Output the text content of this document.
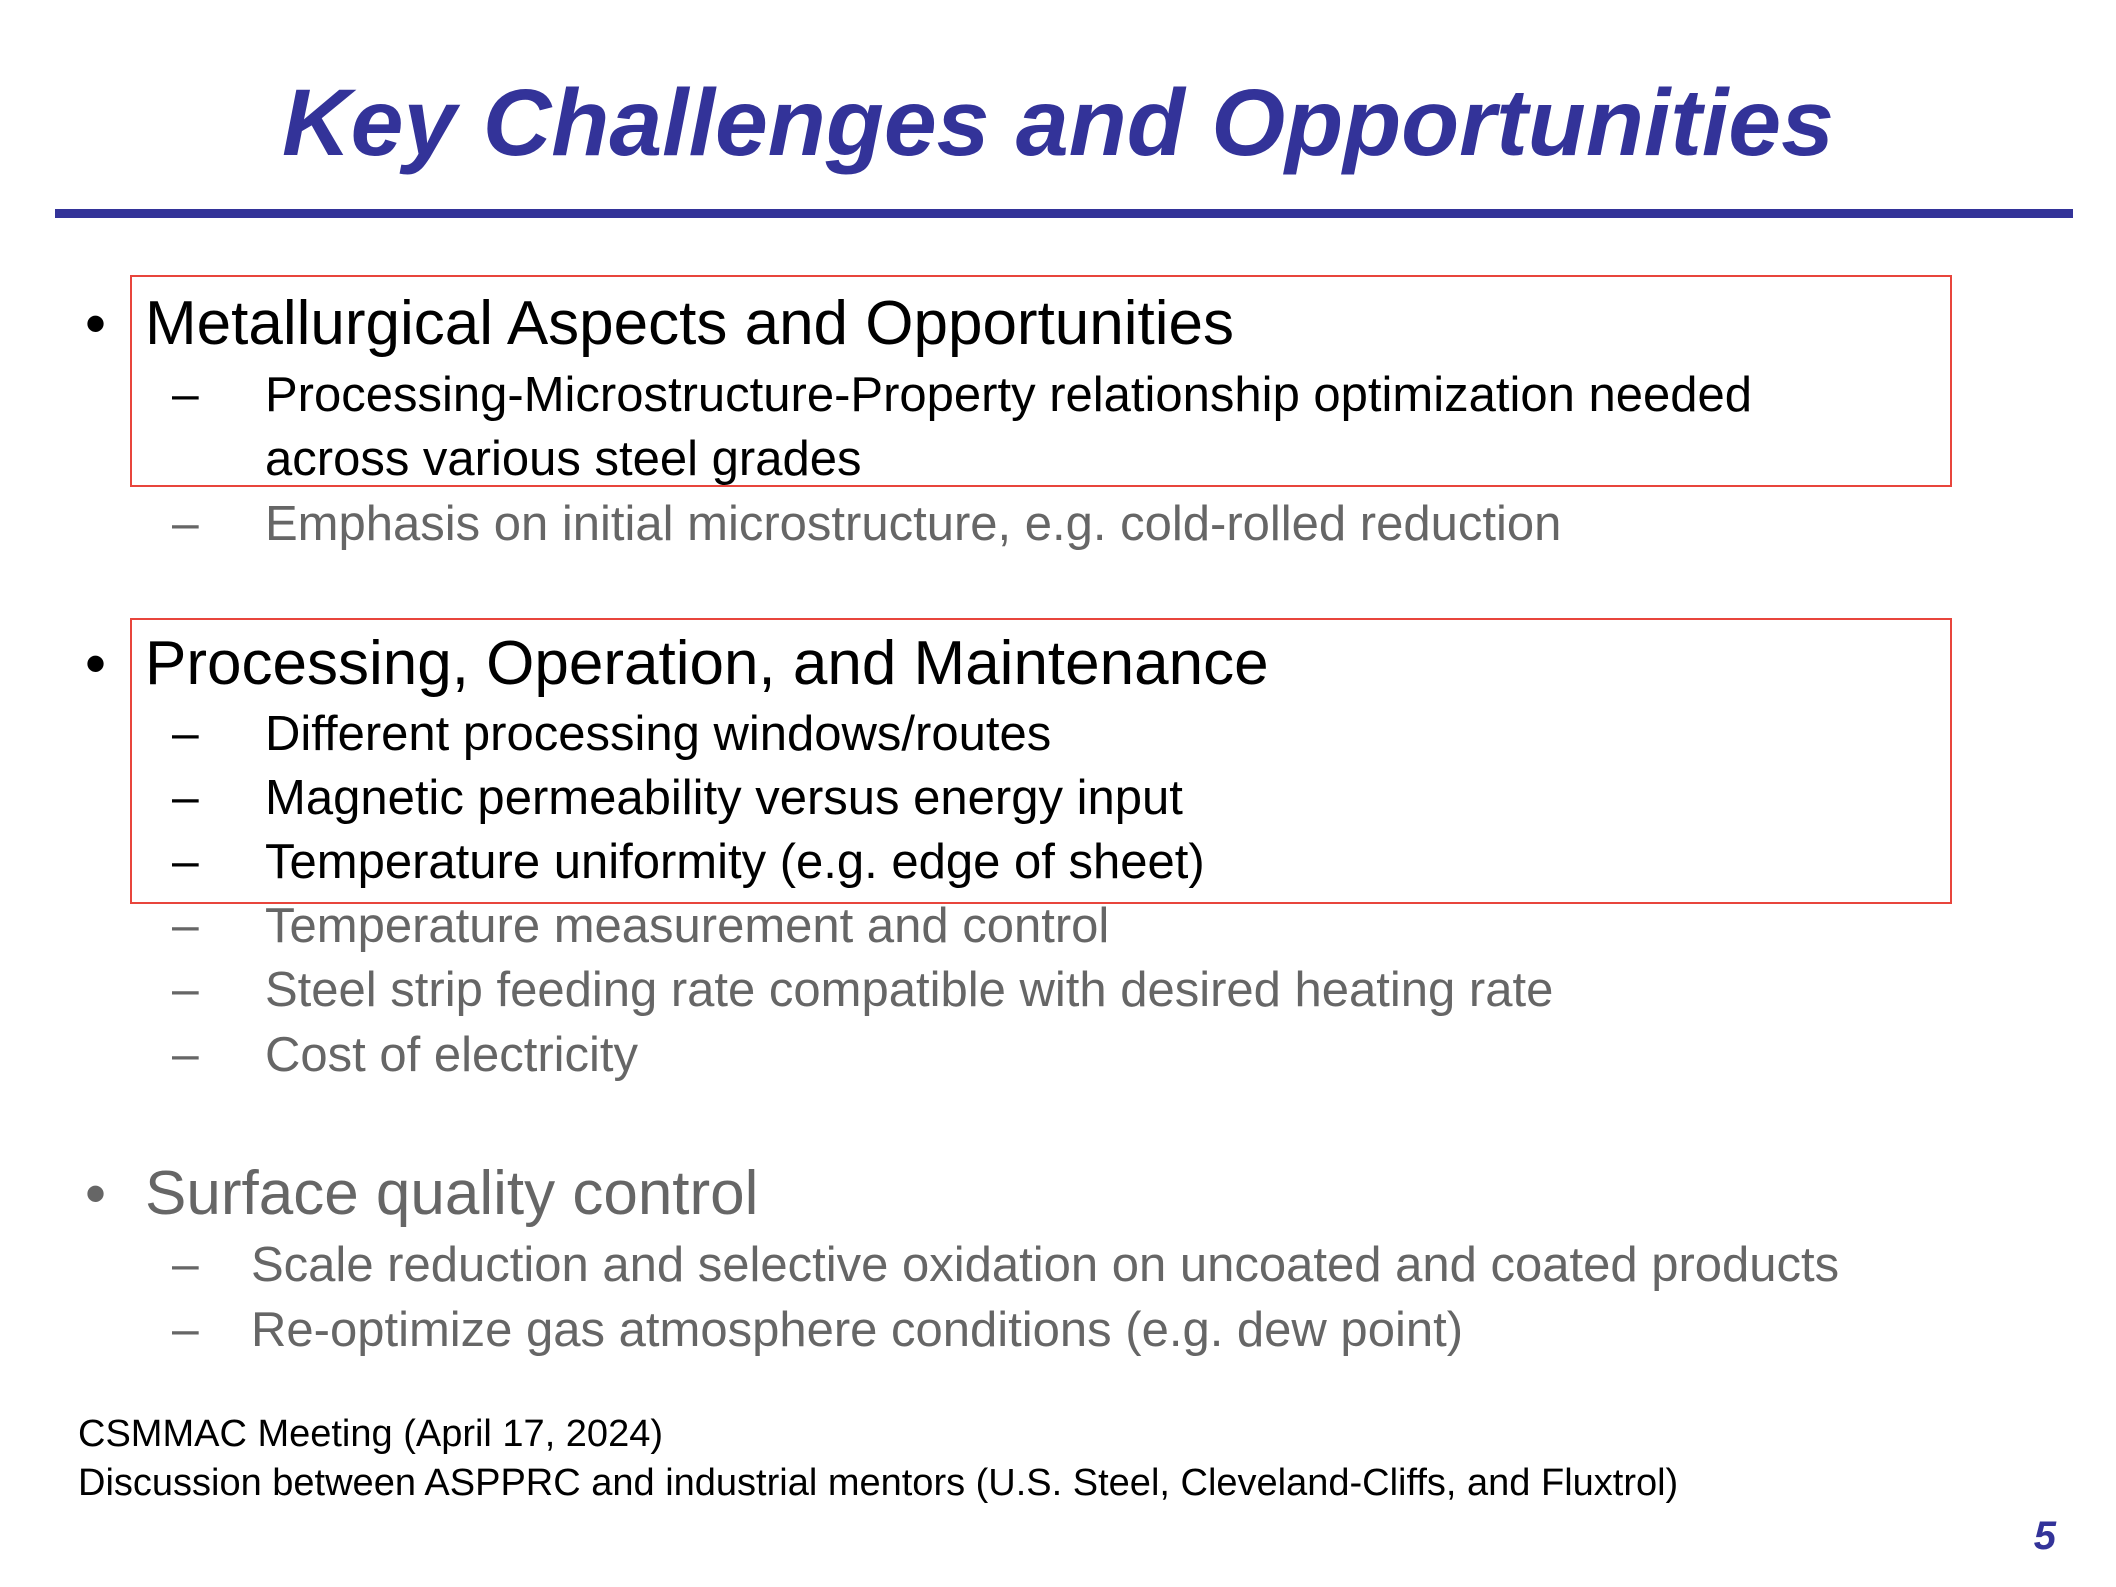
Key Challenges and Opportunities
• Metallurgical Aspects and Opportunities
– Processing-Microstructure-Property relationship optimization needed
across various steel grades
– Emphasis on initial microstructure, e.g. cold-rolled reduction
• Processing, Operation, and Maintenance
– Different processing windows/routes
– Magnetic permeability versus energy input
– Temperature uniformity (e.g. edge of sheet)
– Temperature measurement and control
– Steel strip feeding rate compatible with desired heating rate
– Cost of electricity
• Surface quality control
– Scale reduction and selective oxidation on uncoated and coated products
– Re-optimize gas atmosphere conditions (e.g. dew point)
CSMMAC Meeting (April 17, 2024)
Discussion between ASPPRC and industrial mentors (U.S. Steel, Cleveland-Cliffs, and Fluxtrol)
5
